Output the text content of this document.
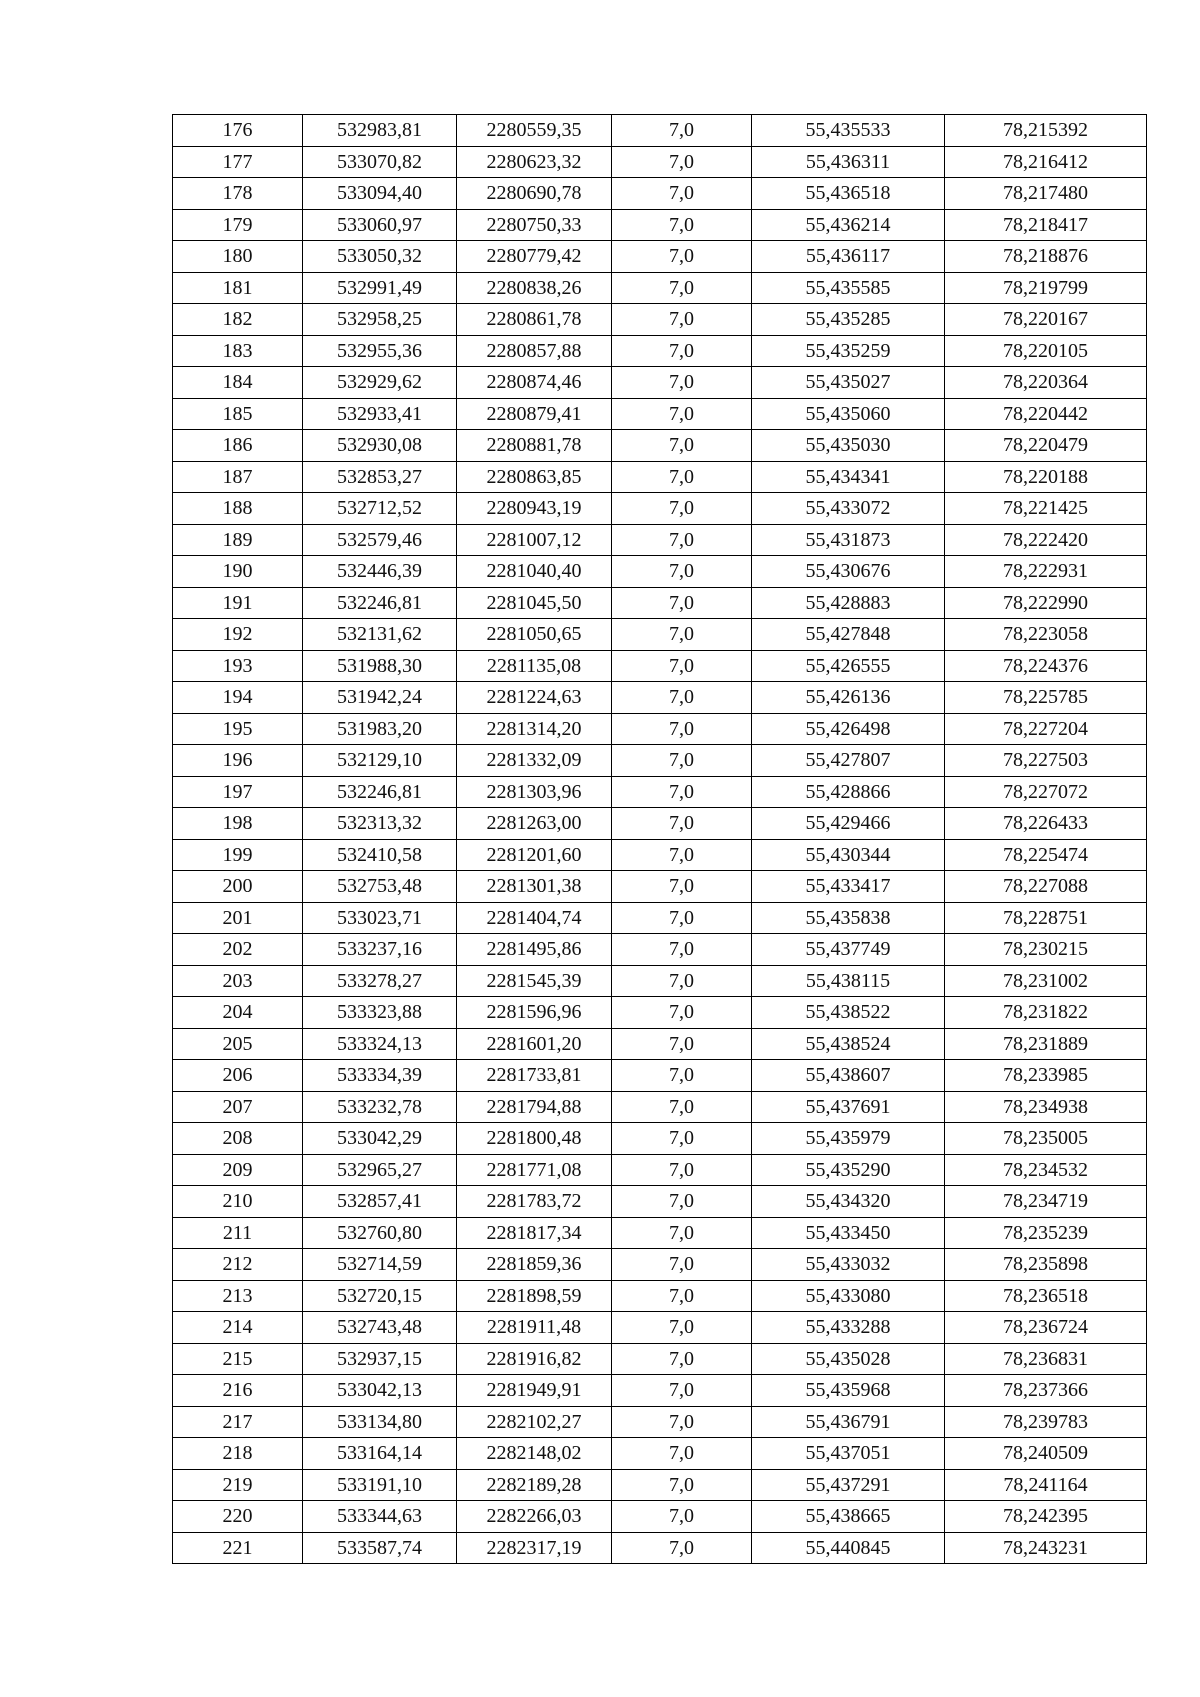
176	532983,81	2280559,35	7,0	55,435533	78,215392
177	533070,82	2280623,32	7,0	55,436311	78,216412
178	533094,40	2280690,78	7,0	55,436518	78,217480
179	533060,97	2280750,33	7,0	55,436214	78,218417
180	533050,32	2280779,42	7,0	55,436117	78,218876
181	532991,49	2280838,26	7,0	55,435585	78,219799
182	532958,25	2280861,78	7,0	55,435285	78,220167
183	532955,36	2280857,88	7,0	55,435259	78,220105
184	532929,62	2280874,46	7,0	55,435027	78,220364
185	532933,41	2280879,41	7,0	55,435060	78,220442
186	532930,08	2280881,78	7,0	55,435030	78,220479
187	532853,27	2280863,85	7,0	55,434341	78,220188
188	532712,52	2280943,19	7,0	55,433072	78,221425
189	532579,46	2281007,12	7,0	55,431873	78,222420
190	532446,39	2281040,40	7,0	55,430676	78,222931
191	532246,81	2281045,50	7,0	55,428883	78,222990
192	532131,62	2281050,65	7,0	55,427848	78,223058
193	531988,30	2281135,08	7,0	55,426555	78,224376
194	531942,24	2281224,63	7,0	55,426136	78,225785
195	531983,20	2281314,20	7,0	55,426498	78,227204
196	532129,10	2281332,09	7,0	55,427807	78,227503
197	532246,81	2281303,96	7,0	55,428866	78,227072
198	532313,32	2281263,00	7,0	55,429466	78,226433
199	532410,58	2281201,60	7,0	55,430344	78,225474
200	532753,48	2281301,38	7,0	55,433417	78,227088
201	533023,71	2281404,74	7,0	55,435838	78,228751
202	533237,16	2281495,86	7,0	55,437749	78,230215
203	533278,27	2281545,39	7,0	55,438115	78,231002
204	533323,88	2281596,96	7,0	55,438522	78,231822
205	533324,13	2281601,20	7,0	55,438524	78,231889
206	533334,39	2281733,81	7,0	55,438607	78,233985
207	533232,78	2281794,88	7,0	55,437691	78,234938
208	533042,29	2281800,48	7,0	55,435979	78,235005
209	532965,27	2281771,08	7,0	55,435290	78,234532
210	532857,41	2281783,72	7,0	55,434320	78,234719
211	532760,80	2281817,34	7,0	55,433450	78,235239
212	532714,59	2281859,36	7,0	55,433032	78,235898
213	532720,15	2281898,59	7,0	55,433080	78,236518
214	532743,48	2281911,48	7,0	55,433288	78,236724
215	532937,15	2281916,82	7,0	55,435028	78,236831
216	533042,13	2281949,91	7,0	55,435968	78,237366
217	533134,80	2282102,27	7,0	55,436791	78,239783
218	533164,14	2282148,02	7,0	55,437051	78,240509
219	533191,10	2282189,28	7,0	55,437291	78,241164
220	533344,63	2282266,03	7,0	55,438665	78,242395
221	533587,74	2282317,19	7,0	55,440845	78,243231
